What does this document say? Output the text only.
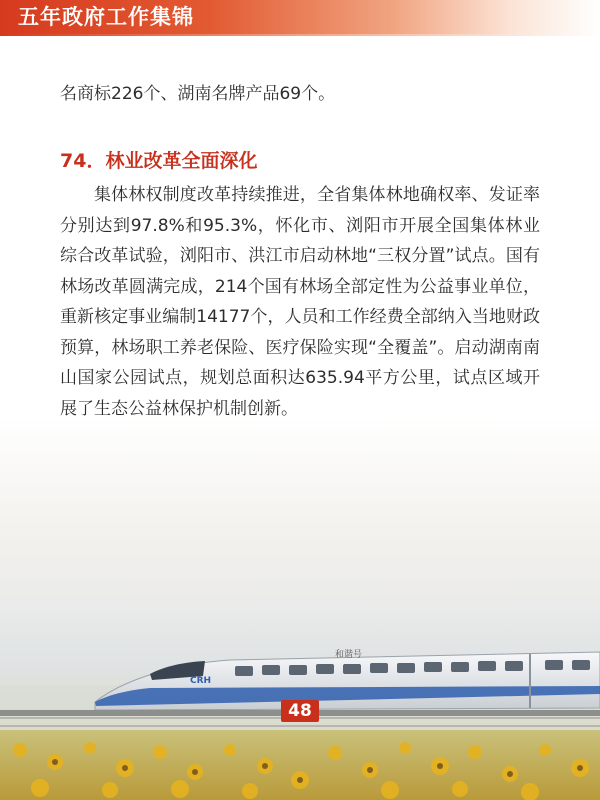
五年政府工作集锦
名商标226个、湖南名牌产品69个。
74．林业改革全面深化

集体林权制度改革持续推进，全省集体林地确权率、发证率分别达到97.8%和95.3%，怀化市、浏阳市开展全国集体林业综合改革试验，浏阳市、洪江市启动林地“三权分置”试点。国有林场改革圆满完成，214个国有林场全部定性为公益事业单位，重新核定事业编制14177个，人员和工作经费全部纳入当地财政预算，林场职工养老保险、医疗保险实现“全覆盖”。启动湖南南山国家公园试点，规划总面积达635.94平方公里，试点区域开展了生态公益林保护机制创新。

CRH
和谐号
48
